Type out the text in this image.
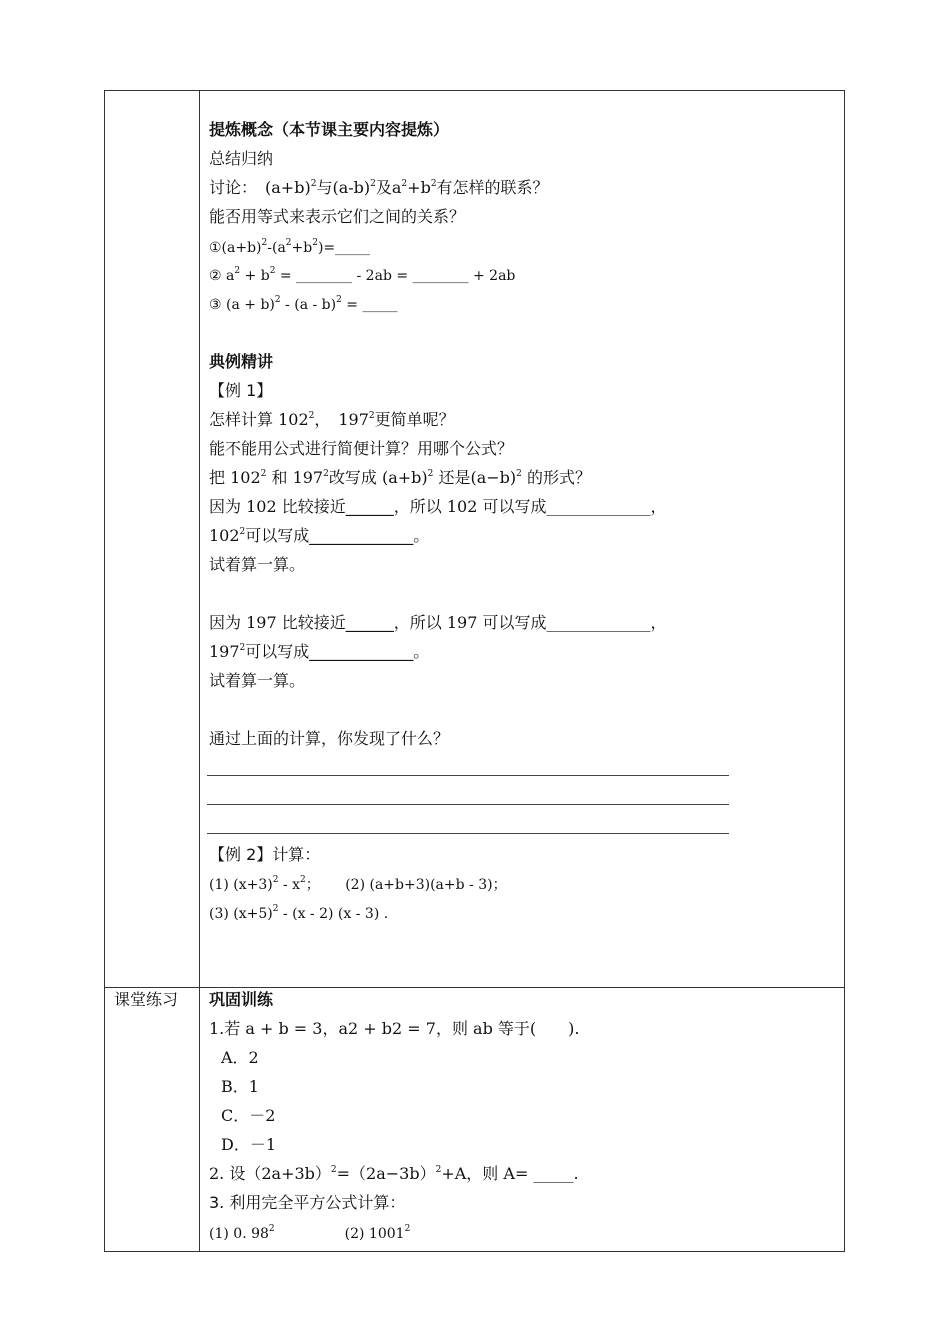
提炼概念（本节课主要内容提炼）
总结归纳
讨论：　$(a+b)^2$与$(a-b)^2$及$a^2+b^2$有怎样的联系？
能否用等式来表示它们之间的关系？
$①(a+b)^2-(a^2+b^2)=\_\_\_\_\_$
② $a^2 + b^2$ = ________ - 2ab = ________ + 2ab
③ $(a + b)^2 - (a - b)^2$ = _____
典例精讲
【例 1】
怎样计算 $102^2$，　$197^2$更简单呢？
能不能用公式进行简便计算？用哪个公式？
把 $102^2$ 和 $197^2$改写成 $(a+b)^2$ 还是$(a-b)^2$ 的形式？
因为 102 比较接近______，所以 102 可以写成_____________，
$102^2$可以写成_____________。
试着算一算。
因为 197 比较接近______，所以 197 可以写成_____________，
$197^2$可以写成_____________。
试着算一算。
通过上面的计算，你发现了什么？
【例 2】计算：
(1) $(x+3)^2 - x^2$；　　 (2) (a+b+3)(a+b - 3)；
(3) $(x+5)^2 - (x - 2)$ (x - 3) .
课堂练习 巩固训练
1.若 a + b = 3，a2 + b2 = 7，则 ab 等于(　　).
A．2
B．1
C．－2
D．－1
2. 设$(2a+3b)^2=(2a-3b)^2+A$，则 A= _____.
3. 利用完全平方公式计算：
(1) 0. $98^2$	(2) 1001$^2$
